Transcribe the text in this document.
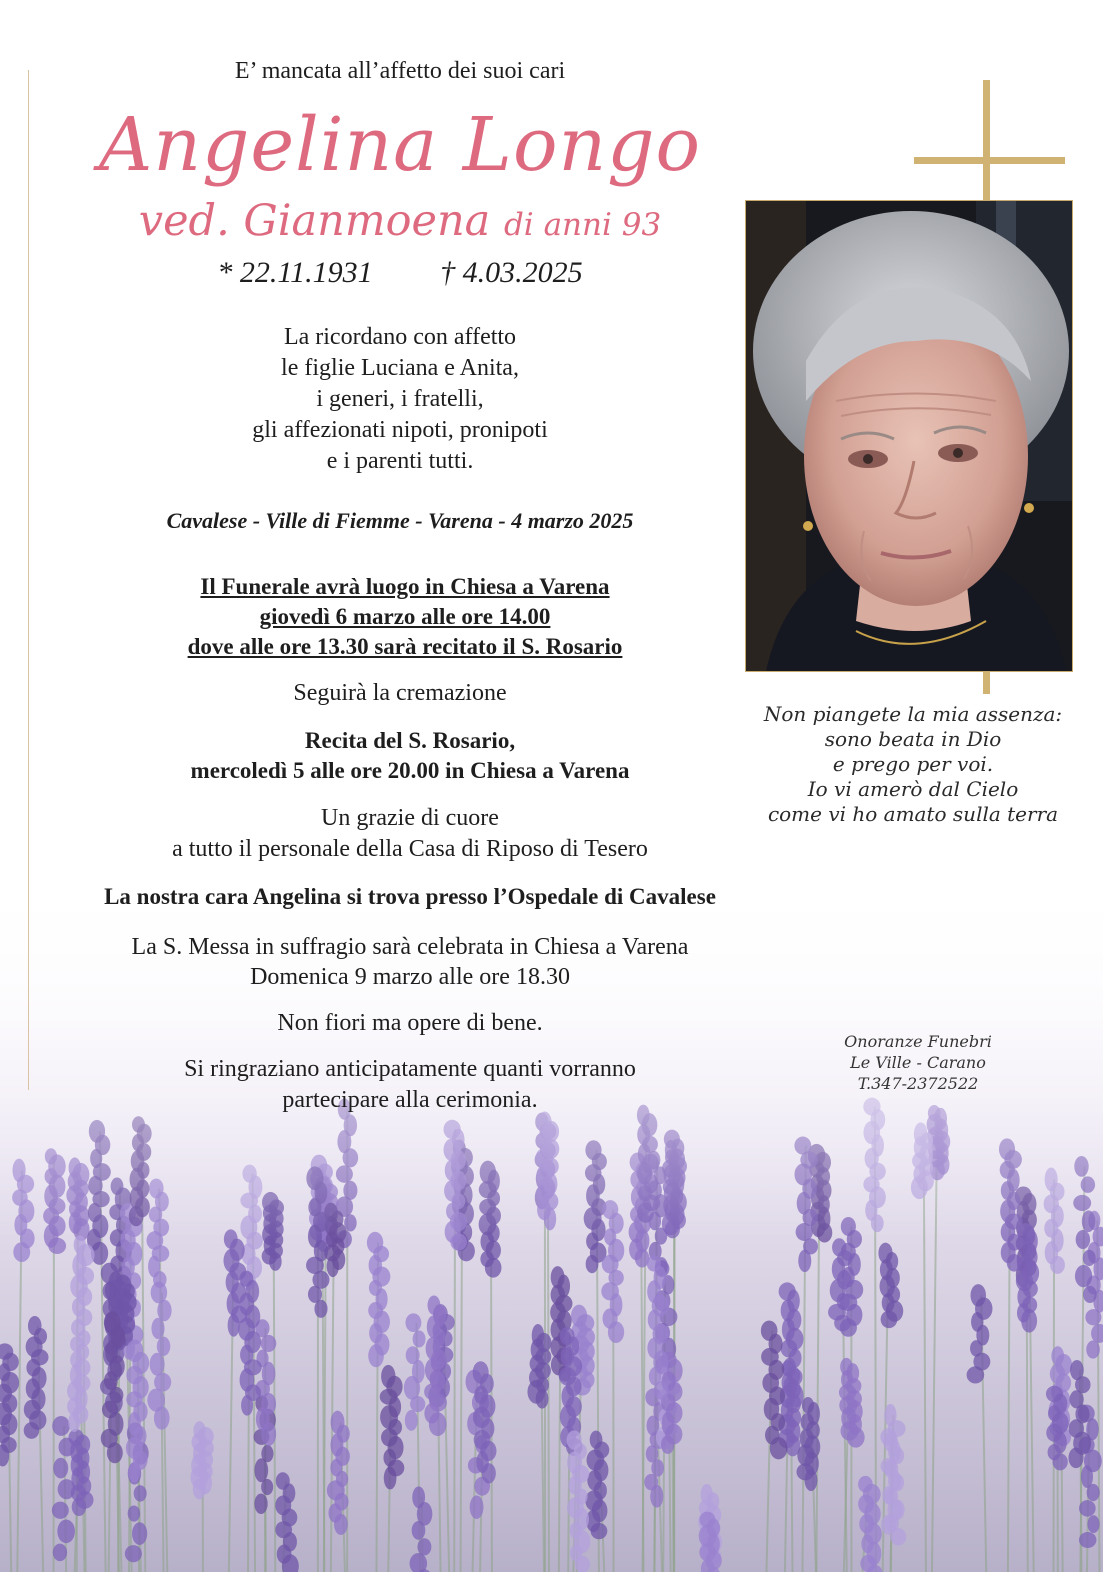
E’ mancata all’affetto dei suoi cari
Angelina Longo
ved. Gianmoena di anni 93
* 22.11.1931 † 4.03.2025
La ricordano con affetto
le figlie Luciana e Anita,
i generi, i fratelli,
gli affezionati nipoti, pronipoti
e i parenti tutti.
Cavalese - Ville di Fiemme - Varena - 4 marzo 2025
Il Funerale avrà luogo in Chiesa a Varena
giovedì 6 marzo alle ore 14.00
dove alle ore 13.30 sarà recitato il S. Rosario
Seguirà la cremazione
Recita del S. Rosario,
mercoledì 5 alle ore 20.00 in Chiesa a Varena
Un grazie di cuore
a tutto il personale della Casa di Riposo di Tesero
La nostra cara Angelina si trova presso l’Ospedale di Cavalese
La S. Messa in suffragio sarà celebrata in Chiesa a Varena
Domenica 9 marzo alle ore 18.30
Non fiori ma opere di bene.
Si ringraziano anticipatamente quanti vorranno
partecipare alla cerimonia.
Non piangete la mia assenza:
sono beata in Dio
e prego per voi.
Io vi amerò dal Cielo
come vi ho amato sulla terra
Onoranze Funebri
Le Ville - Carano
T.347-2372522
